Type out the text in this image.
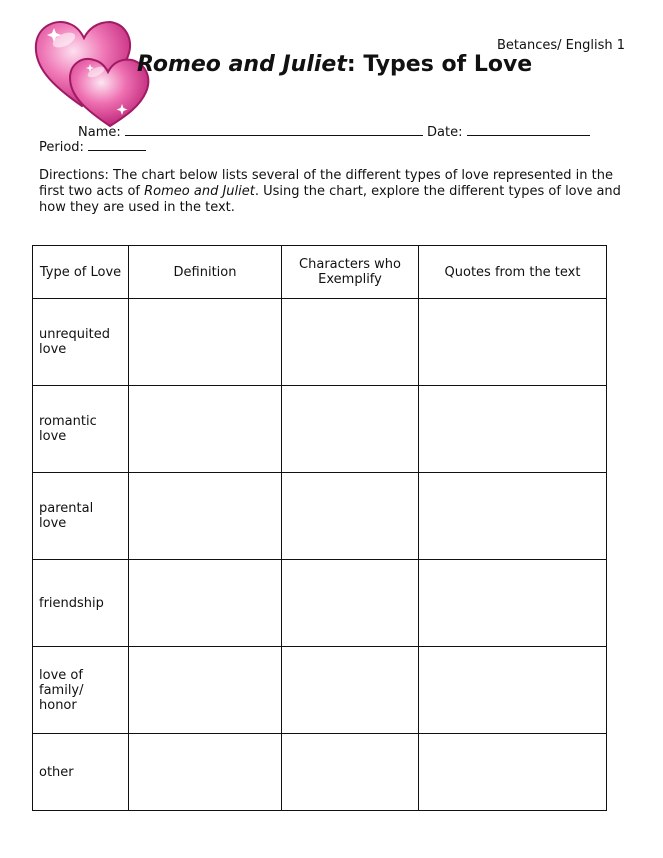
Betances/ English 1
Romeo and Juliet: Types of Love
Name:	Date:
Period:
Directions: The chart below lists several of the different types of love represented in the first two acts of Romeo and Juliet. Using the chart, explore the different types of love and how they are used in the text.
Type of Love	Definition	Characters who Exemplify	Quotes from the text
unrequited love			
romantic love			
parental love			
friendship			
love of family/ honor			
other			
